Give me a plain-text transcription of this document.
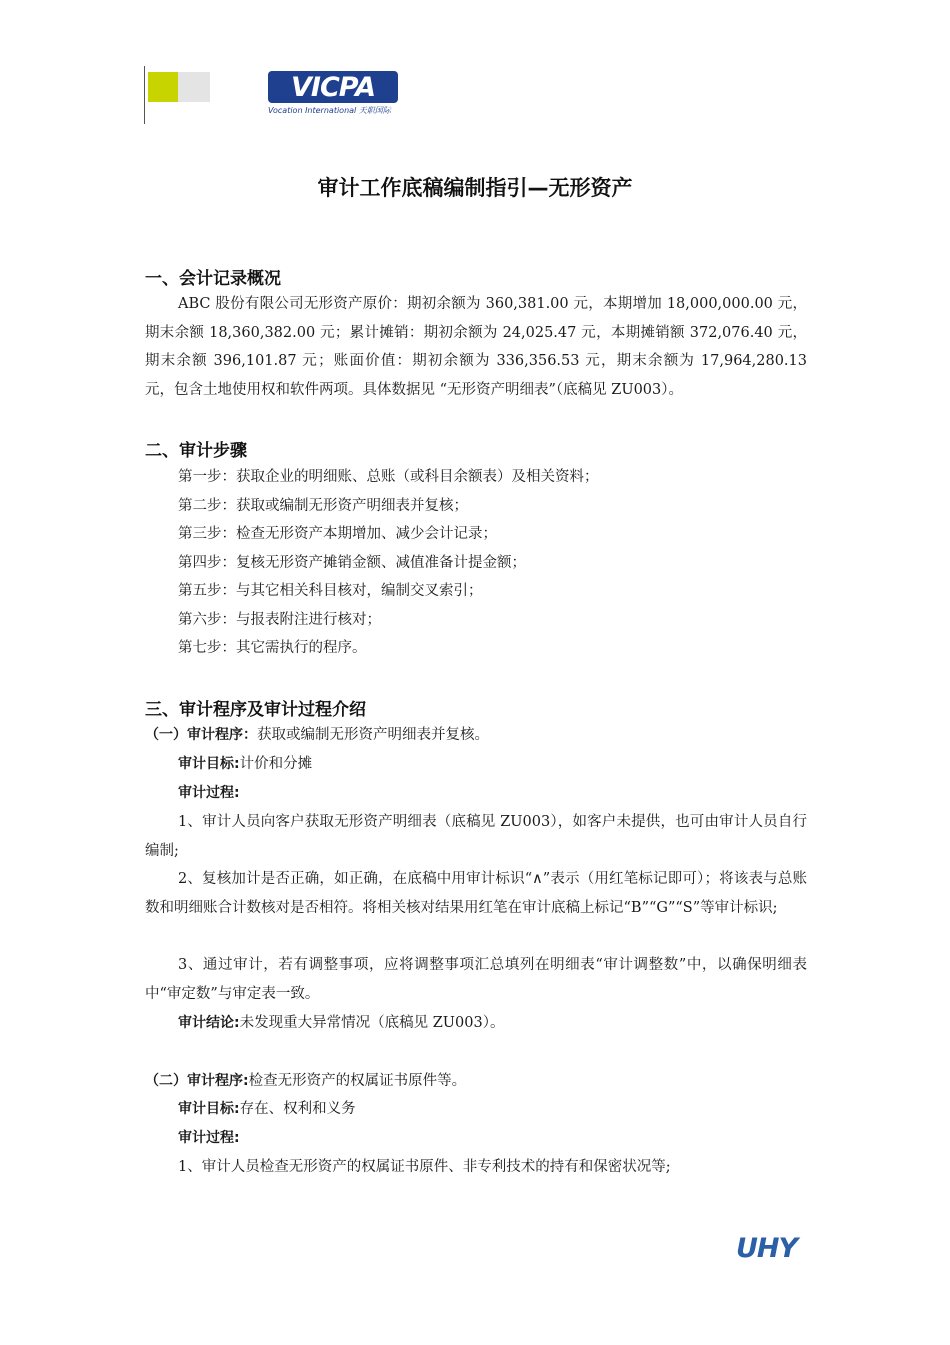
VICPA
Vocation International 天职国际
审计工作底稿编制指引—无形资产
一、会计记录概况
ABC 股份有限公司无形资产原价：期初余额为 360,381.00 元，本期增加 18,000,000.00 元，期末余额 18,360,382.00 元；累计摊销：期初余额为 24,025.47 元，本期摊销额 372,076.40 元，期末余额 396,101.87 元；账面价值：期初余额为 336,356.53 元，期末余额为 17,964,280.13 元，包含土地使用权和软件两项。具体数据见 “无形资产明细表”（底稿见 ZU003）。
二、审计步骤
第一步：获取企业的明细账、总账（或科目余额表）及相关资料；
第二步：获取或编制无形资产明细表并复核；
第三步：检查无形资产本期增加、减少会计记录；
第四步：复核无形资产摊销金额、减值准备计提金额；
第五步：与其它相关科目核对，编制交叉索引；
第六步：与报表附注进行核对；
第七步：其它需执行的程序。
三、审计程序及审计过程介绍
（一）审计程序：获取或编制无形资产明细表并复核。
审计目标:计价和分摊
审计过程:
1、审计人员向客户获取无形资产明细表（底稿见 ZU003），如客户未提供，也可由审计人员自行编制;
2、复核加计是否正确，如正确，在底稿中用审计标识“∧”表示（用红笔标记即可）；将该表与总账数和明细账合计数核对是否相符。将相关核对结果用红笔在审计底稿上标记“B”“G”“S”等审计标识;
3、通过审计，若有调整事项，应将调整事项汇总填列在明细表“审计调整数”中，以确保明细表中“审定数”与审定表一致。
审计结论:未发现重大异常情况（底稿见 ZU003）。
（二）审计程序:检查无形资产的权属证书原件等。
审计目标:存在、权利和义务
审计过程:
1、审计人员检查无形资产的权属证书原件、非专利技术的持有和保密状况等;
UHY
